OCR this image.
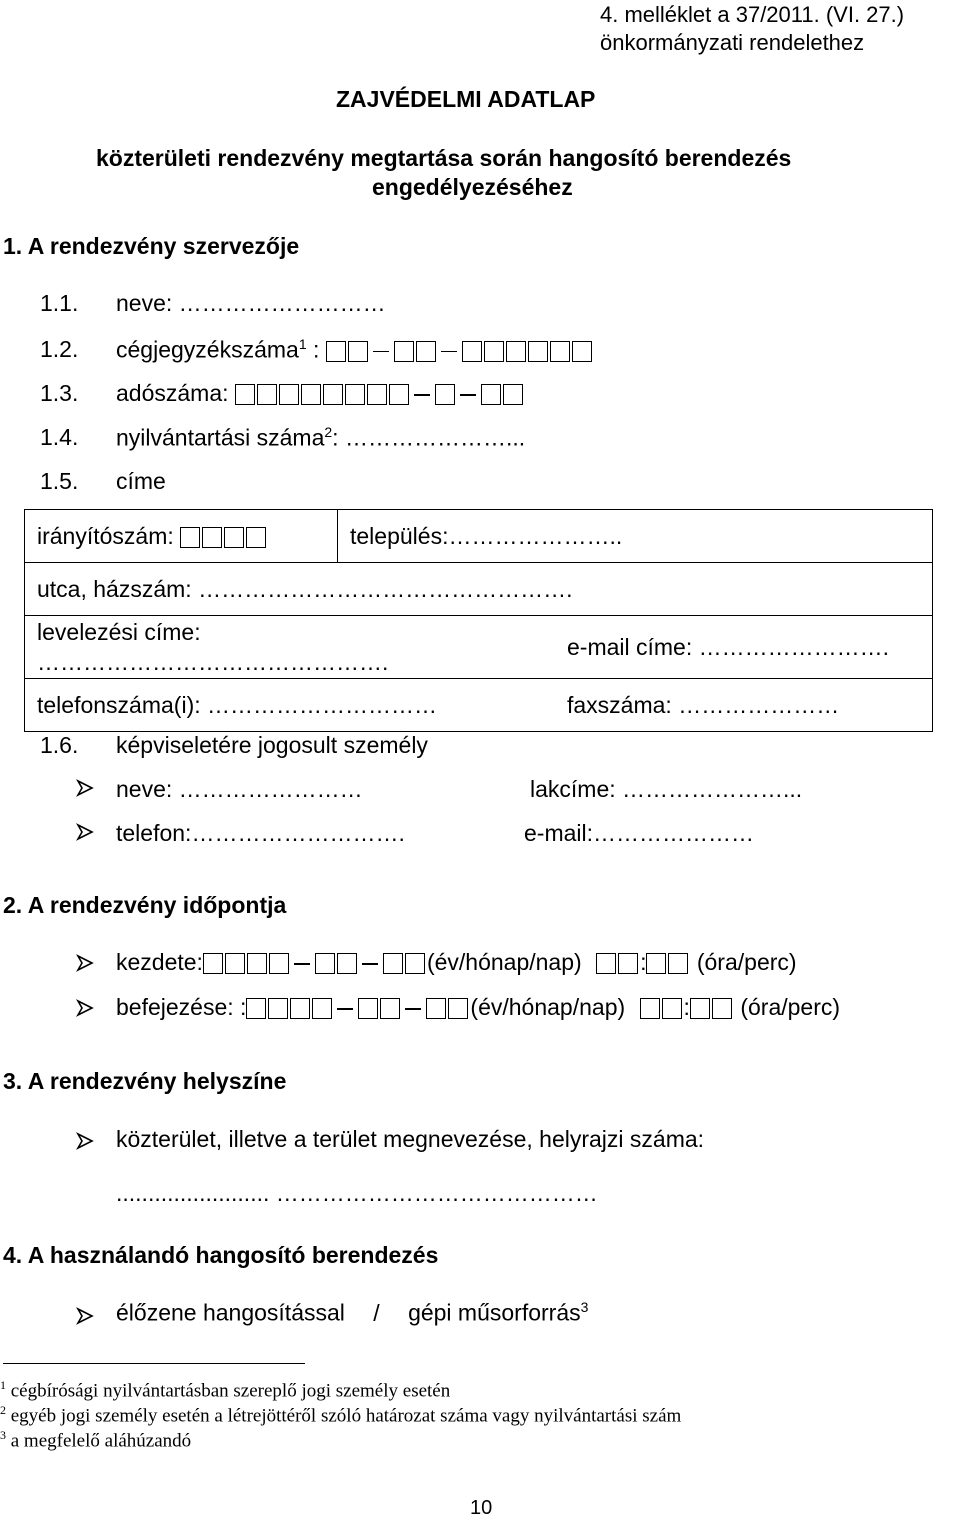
4. melléklet a 37/2011. (VI. 27.)
önkormányzati rendelethez
ZAJVÉDELMI ADATLAP
közterületi rendezvény megtartása során hangosító berendezés
engedélyezéséhez
1. A rendezvény szervezője
1.1. neve: ………………………
1.2. cégjegyzékszáma$^1$ :
1.3. adószáma:
1.4. nyilvántartási száma$^2$: …………………...
1.5. címe
irányítószám:	település:…………………..	
utca, házszám: ………………………………………….		

levelezési címe:
……………………………………….		e-mail címe: …………………….
telefonszáma(i): …………………………		faxszáma: …………………
1.6. képviseletére jogosult személy
neve: ……………………	lakcíme: …………………...
telefon:……………………….	e-mail:…………………
2. A rendezvény időpontja
kezdete:	(év/hónap/nap)	: (óra/perc)
befejezése: :	(év/hónap/nap)	: (óra/perc)
3. A rendezvény helyszíne
közterület, illetve a terület megnevezése, helyrajzi száma:
........................ ……………………………………
4. A használandó hangosító berendezés
élőzene hangosítással / gépi műsorforrás$^3$
$^1$ cégbírósági nyilvántartásban szereplő jogi személy esetén
$^2$ egyéb jogi személy esetén a létrejöttéről szóló határozat száma vagy nyilvántartási szám
$^3$ a megfelelő aláhúzandó
10
